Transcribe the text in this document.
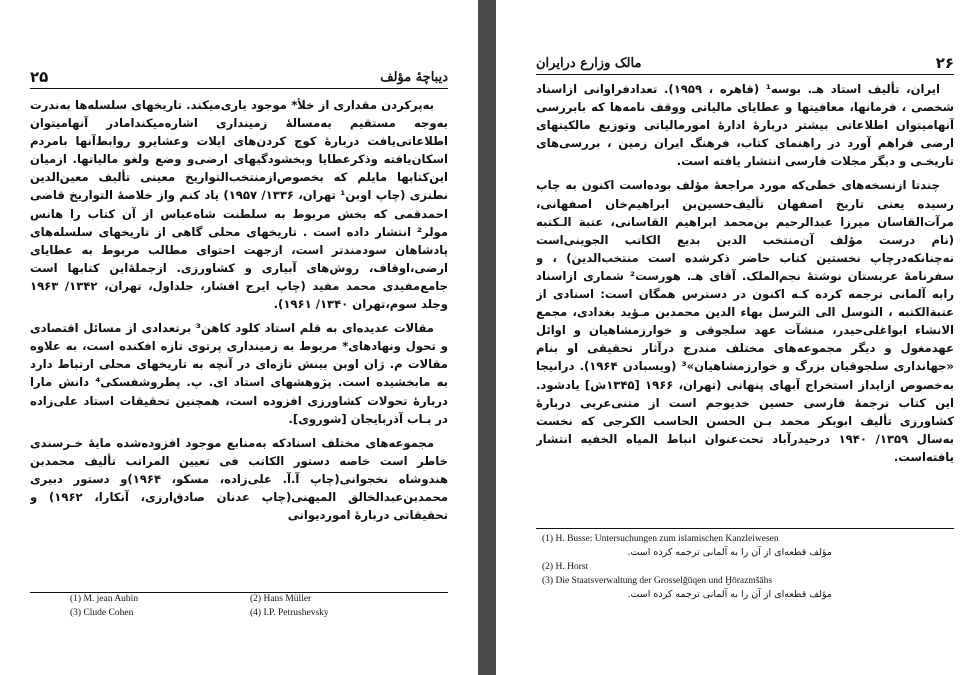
۲۵	دیباچۀ مؤلف

به‌پرکردن مقداری از خلأ* موجود یاری‌میکند. تاریخهای سلسله‌ها به‌ندرت به‌وجه مستقیم به‌مسالهٔ زمینداری اشاره‌میکند‌امادر آنهامیتوان اطلاعاتی‌یافت دربارهٔ کوچ کردن‌های ایلات وعشایرو روابط‌آنها بامردم اسکان‌یافته وذکرعطایا وبخشودگیهای ارضی‌و وضع ولغو مالیاتها. ازمیان این‌کتابها مایلم که بخصوص‌ازمنتخب‌التواریخ معینی تألیف معین‌الدین نطنزی (چاپ اوبن¹ تهران، ۱۳۳۶/ ۱۹۵۷) یاد کنم واز خلاصهٔ التواریخ قاضی احمدقمی که بخش مربوط به سلطنت شاه‌عباس از آن کتاب را هانس مولر² انتشار داده است . تاریخهای محلی گاهی از تاریخهای سلسله‌های پادشاهان سودمندتر است، ازجهت احتوای مطالب مربوط به عطایای ارضی،اوقاف، روش‌های آبیاری و کشاورزی. ازجملهٔ‌این کتابها است جامع‌مفیدی محمد مفید (چاپ ایرج افشار، جلداول، تهران، ۱۳۴۲/ ۱۹۶۳ وجلد سوم،تهران ۱۳۴۰/ ۱۹۶۱).

مقالات عدیده‌ای به قلم استاد کلود کاهن³ برتعدادی از مسائل اقتصادی و تحول ونهادهای* مربوط به زمینداری پرتوی تازه افکنده است، به علاوه مقالات م. ژان اوبن بینش تازه‌ای در آنچه به تاریخهای محلی ارتباط دارد به مابخشیده است. پژوهشهای استاد ای. پ. پطروشفسکی⁴ دانش مارا دربارهٔ تحولات کشاورزی افزوده است، همچنین تحقیقات استاد علی‌زاده در بـاب آذربایجان [شوروی].

مجموعه‌های مختلف اسنادکه به‌منابع موجود افزوده‌شده مایهٔ خـرسندی خاطر است خاصه دستور الکاتب فی تعیین المراتب تألیف محمدبن هندوشاه نخجوانی(چاپ آ.آ. علی‌زاده، مسکو، ۱۹۶۴)و دستور دبیری محمدبن‌عبدالخالق المیهنی(چاپ عدنان صادق‌ارزی، آنکارا، ۱۹۶۲) و تحقیقاتی دربارهٔ اموردیوانی

(1) M. jean Aubin	(2) Hans Müller
(3) Clude Cohen	(4) I.P. Petrushevsky
مالک وزارع درایران	۲۶

ایران، تألیف استاد هـ. بوسه¹ (قاهره ، ۱۹۵۹). تعدادفراوانی ازاسناد شخصی ، فرمانها، معافیتها و عطایای مالیاتی ووقف نامه‌ها که بابررسی آنهامیتوان اطلاعاتی بیشتر دربارهٔ ادارهٔ امورمالیاتی وتوزیع مالکیتهای ارضی فراهم آورد در راهنمای کتاب، فرهنگ ایران زمین ، بررسی‌های تاریخـی و دیگر مجلات فارسی انتشار یافته است.

چندتا ازنسخه‌های خطی‌که مورد مراجعهٔ مؤلف بوده‌است اکنون به چاپ رسیده یعنی تاریخ اصفهان تألیف‌حسین‌بن ابراهیم‌خان اصفهانی، مرآت‌القاسان میرزا عبدالرحیم بن‌محمد ابراهیم القاسانی، عتبة الـکتبه (نام درست مؤلف آن‌منتخب الدین بدیع الکاتب الجوینی‌است نه‌چنانکه‌درچاپ نخستین کتاب حاضر ذکرشده است منتخب‌الدین) ، و سفرنامهٔ عربستان نوشتهٔ نجم‌الملک. آقای هـ. هورست² شماری ازاسناد رابه آلمانی ترجمه کرده کـه اکنون در دسترس همگان است: اسنادی از عتبة‌الکتبه ، التوسل الی الترسل بهاء الدین محمدبن مـؤید بغدادی، مجمع الانشاء ابواغلی‌حیدر، منشآت عهد سلجوقی و خوارزمشاهیان و اوائل عهدمغول و دیگر مجموعه‌های مختلف مندرج درآثار تحقیقی او بنام «جهانداری سلجوقیان بزرگ و خوارزمشاهیان»³ (ویسبادن ۱۹۶۴). درانیجا به‌خصوص ازایداز استخراج آبهای پنهانی (تهران، ۱۹۶۶ [۱۳۴۵ش] یادشود. این کتاب ترجمهٔ فارسی حسین خدیوجم است از متنی‌عربی دربارهٔ کشاورزی تألیف ابوبکر محمد بـن الحسن الحاسب الکرجی که نخست به‌سال ۱۳۵۹/ ۱۹۴۰ درحیدرآباد تحت‌عنوان انباط المیاه الخفیه انتشار یافته‌است.

(1) H. Busse: Untersuchungen zum islamischen Kanzleiwesen
مؤلف قطعه‌ای از آن را به آلمانی ترجمه کرده است.
(2) H. Horst
(3) Die Staatsverwaltung der Grosselǧūqen und Ḫōrazmšāhs
مؤلف قطعه‌ای از آن را به آلمانی ترجمه کرده است.
